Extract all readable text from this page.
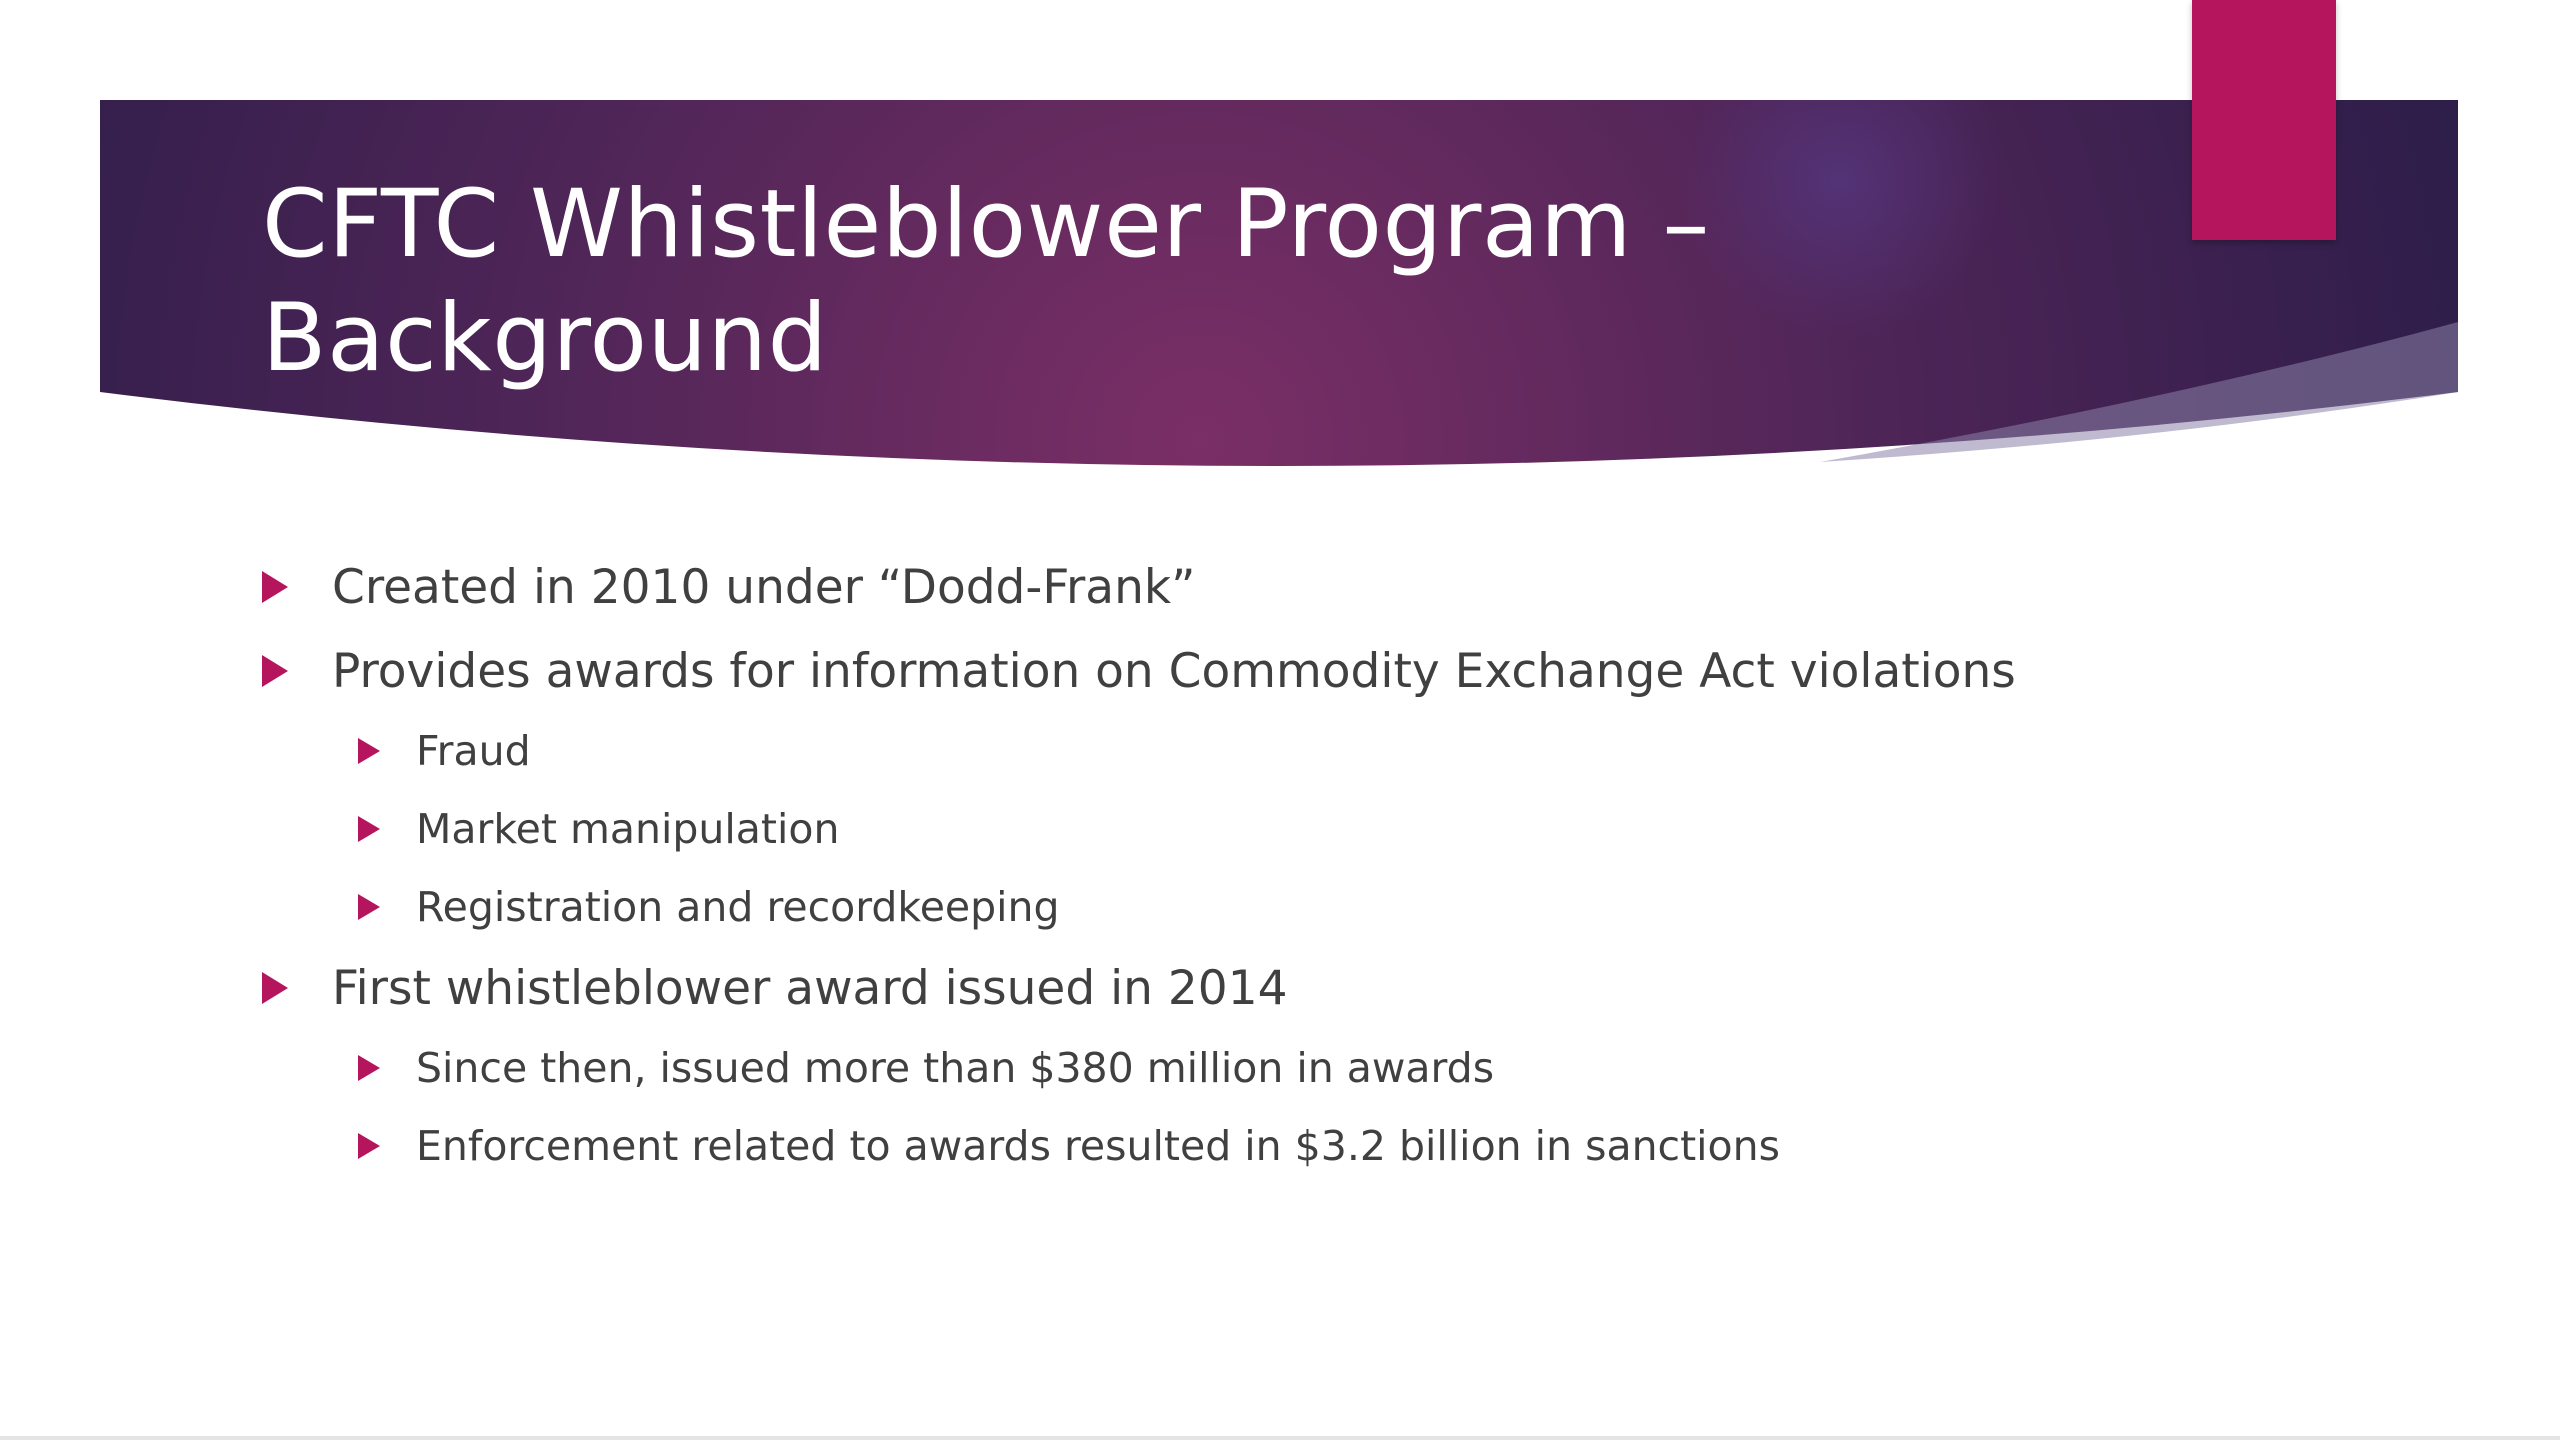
CFTC Whistleblower Program –
Background
Created in 2010 under “Dodd-Frank”
Provides awards for information on Commodity Exchange Act violations
Fraud
Market manipulation
Registration and recordkeeping
First whistleblower award issued in 2014
Since then, issued more than $380 million in awards
Enforcement related to awards resulted in $3.2 billion in sanctions
